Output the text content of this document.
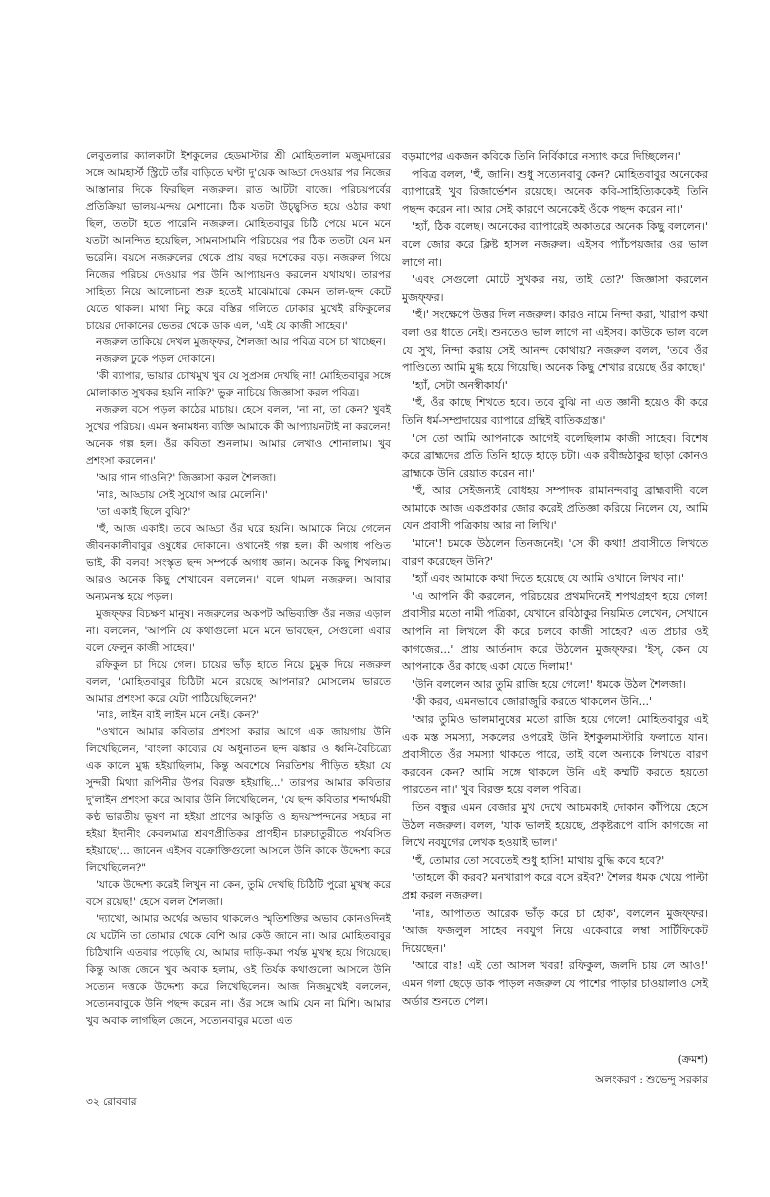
লেবুতলার ক্যালকাটা ইশকুলের হেডমাস্টার শ্রী মোহিতলাল মজুমদারের সঙ্গে আমহার্স্ট স্ট্রিটে তাঁর বাড়িতে ঘণ্টা দু'য়েক আড্ডা দেওয়ার পর নিজের আস্তানার দিকে ফিরছিল নজরুল। রাত আটটা বাজে। পরিচয়পর্বের প্রতিক্রিয়া ভালয়-মন্দয় মেশানো। ঠিক যতটা উচ্ছ্বসিত হয়ে ওঠার কথা ছিল, ততটা হতে পারেনি নজরুল। মোহিতবাবুর চিঠি পেয়ে মনে মনে যতটা আনন্দিত হয়েছিল, সামনাসামনি পরিচয়ের পর ঠিক ততটা যেন মন ভরেনি। বয়সে নজরুলের থেকে প্রায় বছর দশেকের বড়। নজরুল গিয়ে নিজের পরিচয় দেওয়ার পর উনি আপ্যায়নও করলেন যথাযথ। তারপর সাহিত্য নিয়ে আলোচনা শুরু হতেই মাঝেমাঝে কেমন তাল-ছন্দ কেটে যেতে থাকল। মাথা নিচু করে বস্তির গলিতে ঢোকার মুখেই রফিকুলের চায়ের দোকানের ভেতর থেকে ডাক এল, 'এই যে কাজী সাহেব।'

নজরুল তাকিয়ে দেখল মুজফ্‌ফর, শৈলজা আর পবিত্র বসে চা খাচ্ছেন।

নজরুল ঢুকে পড়ল দোকানে।

'কী ব্যাপার, ভায়ার চোখমুখ খুব যে সুপ্রসন্ন দেখছি না! মোহিতবাবুর সঙ্গে মোলাকাত সুখকর হয়নি নাকি?' ভুরু নাচিয়ে জিজ্ঞাসা করল পবিত্র।

নজরুল বসে পড়ল কাঠের মাচায়। হেসে বলল, 'না না, তা কেন? খুবই সুখের পরিচয়। এমন স্বনামধন্য ব্যক্তি আমাকে কী আপ্যায়নটাই না করলেন! অনেক গল্প হল। ওঁর কবিতা শুনলাম। আমার লেখাও শোনালাম। খুব প্রশংসা করলেন।'

'আর গান গাওনি?' জিজ্ঞাসা করল শৈলজা।

'নাঃ, আড্ডায় সেই সুযোগ আর মেলেনি।'

'তা একাই ছিলে বুঝি?'

'হুঁ, আজ একাই। তবে আড্ডা ওঁর ঘরে হয়নি। আমাকে নিয়ে গেলেন জীবনকালীবাবুর ওষুধের দোকানে। ওখানেই গল্প হল। কী অগাধ পণ্ডিত ভাই, কী বলব! সংস্কৃত ছন্দ সম্পর্কে অগাধ জ্ঞান। অনেক কিছু শিখলাম। আরও অনেক কিছু শেখাবেন বললেন।' বলে থামল নজরুল। আবার অন্যমনস্ক হয়ে পড়ল।

মুজফ্‌ফর বিচক্ষণ মানুষ। নজরুলের অকপট অভিব্যক্তি ওঁর নজর এড়াল না। বললেন, 'আপনি যে কথাগুলো মনে মনে ভাবছেন, সেগুলো এবার বলে ফেলুন কাজী সাহেব।'

রফিকুল চা দিয়ে গেল। চায়ের ভাঁড় হাতে নিয়ে চুমুক দিয়ে নজরুল বলল, 'মোহিতবাবুর চিঠিটা মনে রয়েছে আপনার? মোসলেম ভারতে আমার প্রশংসা করে যেটা পাঠিয়েছিলেন?'

'নাঃ, লাইন বাই লাইন মনে নেই। কেন?'

"ওখানে আমার কবিতার প্রশংসা করার আগে এক জায়গায় উনি লিখেছিলেন, 'বাংলা কাব্যের যে অধুনাতন ছন্দ ঝঙ্কার ও ধ্বনি-বৈচিত্র্যে এক কালে মুগ্ধ হইয়াছিলাম, কিন্তু অবশেষে নিরতিশয় পীড়িত হইয়া যে সুন্দরী মিথ্যা রূপিনীর উপর বিরক্ত হইয়াছি...' তারপর আমার কবিতার দু'লাইন প্রশংসা করে আবার উনি লিখেছিলেন, 'যে ছন্দ কবিতার শব্দার্থময়ী কণ্ঠ ভারতীয় ভূষণ না হইয়া প্রাণের আকুতি ও হৃদয়স্পন্দনের সহচর না হইয়া ইদানীং কেবলমাত্র শ্রবণপ্রীতিকর প্রাণহীন চারুচাতুরীতে পর্যবসিত হইয়াছে'... জানেন এইসব বক্রোক্তিগুলো আসলে উনি কাকে উদ্দেশ্য করে লিখেছিলেন?"

'যাকে উদ্দেশ্য করেই লিখুন না কেন, তুমি দেখছি চিঠিটি পুরো মুখস্থ করে বসে রয়েছ!' হেসে বলল শৈলজা।

'দ্যাখো, আমার অর্থের অভাব থাকলেও স্মৃতিশক্তির অভাব কোনওদিনই যে ঘটেনি তা তোমার থেকে বেশি আর কেউ জানে না। আর মোহিতবাবুর চিঠিখানি এতবার পড়েছি যে, আমার দাড়ি-কমা পর্যন্ত মুখস্থ হয়ে গিয়েছে। কিন্তু আজ জেনে খুব অবাক হলাম, ওই তির্যক কথাগুলো আসলে উনি সত্যেন দত্তকে উদ্দেশ্য করে লিখেছিলেন। আজ নিজমুখেই বললেন, সত্যেনবাবুকে উনি পছন্দ করেন না। ওঁর সঙ্গে আমি যেন না মিশি। আমার খুব অবাক লাগছিল জেনে, সত্যেনবাবুর মতো এত

বড়মাপের একজন কবিকে তিনি নির্বিকারে নস্যাৎ করে দিচ্ছিলেন।'

পবিত্র বলল, 'হুঁ, জানি। শুধু সত্যেনবাবু কেন? মোহিতবাবুর অনেকের ব্যাপারেই খুব রিজার্ভেশন রয়েছে। অনেক কবি-সাহিত্যিককেই তিনি পছন্দ করেন না। আর সেই কারণে অনেকেই ওঁকে পছন্দ করেন না।'

'হ্যাঁ, ঠিক বলেছ। অনেকের ব্যাপারেই অকাতরে অনেক কিছু বললেন।' বলে জোর করে ক্লিষ্ট হাসল নজরুল। এইসব প্যাঁচপয়জার ওর ভাল লাগে না।

'এবং সেগুলো মোটে সুখকর নয়, তাই তো?' জিজ্ঞাসা করলেন মুজফ্‌ফর।

'হুঁ।' সংক্ষেপে উত্তর দিল নজরুল। কারও নামে নিন্দা করা, খারাপ কথা বলা ওর ধাতে নেই। শুনতেও ভাল লাগে না এইসব। কাউকে ভাল বলে যে সুখ, নিন্দা করায় সেই আনন্দ কোথায়? নজরুল বলল, 'তবে ওঁর পাণ্ডিত্যে আমি মুগ্ধ হয়ে গিয়েছি। অনেক কিছু শেখার রয়েছে ওঁর কাছে।'

'হ্যাঁ, সেটা অনস্বীকার্য।'

'হুঁ, ওঁর কাছে শিখতে হবে। তবে বুঝি না এত জ্ঞানী হয়েও কী করে তিনি ধর্ম-সম্প্রদায়ের ব্যাপারে গ্রন্থিই বাতিকগ্রস্ত।'

'সে তো আমি আপনাকে আগেই বলেছিলাম কাজী সাহেব। বিশেষ করে ব্রাহ্মদের প্রতি তিনি হাড়ে হাড়ে চটা। এক রবীন্দ্রঠাকুর ছাড়া কোনও ব্রাহ্মকে উনি রেয়াত করেন না।'

'হুঁ, আর সেইজন্যই বোধহয় সম্পাদক রামানন্দবাবু ব্রাহ্মবাদী বলে আমাকে আজ একপ্রকার জোর করেই প্রতিজ্ঞা করিয়ে নিলেন যে, আমি যেন প্রবাসী পত্রিকায় আর না লিখি।'

'মানে'! চমকে উঠলেন তিনজনেই। 'সে কী কথা! প্রবাসীতে লিখতে বারণ করেছেন উনি?'

'হ্যাঁ এবং আমাকে কথা দিতে হয়েছে যে আমি ওখানে লিখব না।'

'এ আপনি কী করলেন, পরিচয়ের প্রথমদিনেই শপথগ্রহণ হয়ে গেল! প্রবাসীর মতো নামী পত্রিকা, যেখানে রবিঠাকুর নিয়মিত লেখেন, সেখানে আপনি না লিখলে কী করে চলবে কাজী সাহেব? এত প্রচার ওই কাগজের...' প্রায় আর্তনাদ করে উঠলেন মুজফ্‌ফর। 'ইস্, কেন যে আপনাকে ওঁর কাছে একা যেতে দিলাম!'

'উনি বললেন আর তুমি রাজি হয়ে গেলে!' ধমকে উঠল শৈলজা।

'কী করব, এমনভাবে জোরাজুরি করতে থাকলেন উনি...'

'আর তুমিও ভালমানুষের মতো রাজি হয়ে গেলে! মোহিতবাবুর এই এক মস্ত সমস্যা, সকলের ওপরেই উনি ইশকুলমাস্টারি ফলাতে যান। প্রবাসীতে ওঁর সমস্যা থাকতে পারে, তাই বলে অন্যকে লিখতে বারণ করবেন কেন? আমি সঙ্গে থাকলে উনি এই কম্মটি করতে হয়তো পারতেন না।' খুব বিরক্ত হয়ে বলল পবিত্র।

তিন বন্ধুর এমন বেজার মুখ দেখে আচমকাই দোকান কাঁপিয়ে হেসে উঠল নজরুল। বলল, 'যাক ভালই হয়েছে, প্রকৃষ্টরূপে বাসি কাগজে না লিখে নবযুগের লেখক হওয়াই ভাল।'

'হুঁ, তোমার তো সবেতেই শুধু হাসি! মাথায় বুদ্ধি কবে হবে?'

'তাহলে কী করব? মনখারাপ করে বসে রইব?' শৈলর ধমক খেয়ে পাল্টা প্রশ্ন করল নজরুল।

'নাঃ, আপাতত আরেক ভাঁড় করে চা হোক', বললেন মুজফ্‌ফর। 'আজ ফজলুল সাহেব নবযুগ নিয়ে একেবারে লম্বা সার্টিফিকেট দিয়েছেন।'

'আরে বাঃ! এই তো আসল খবর! রফিকুল, জলদি চায় লে আও!' এমন গলা ছেড়ে ডাক পাড়ল নজরুল যে পাশের পাড়ার চাওয়ালাও সেই অর্ডার শুনতে পেল।

(ক্রমশ)
অলংকরণ : শুভেন্দু সরকার
৩২ রোববার
